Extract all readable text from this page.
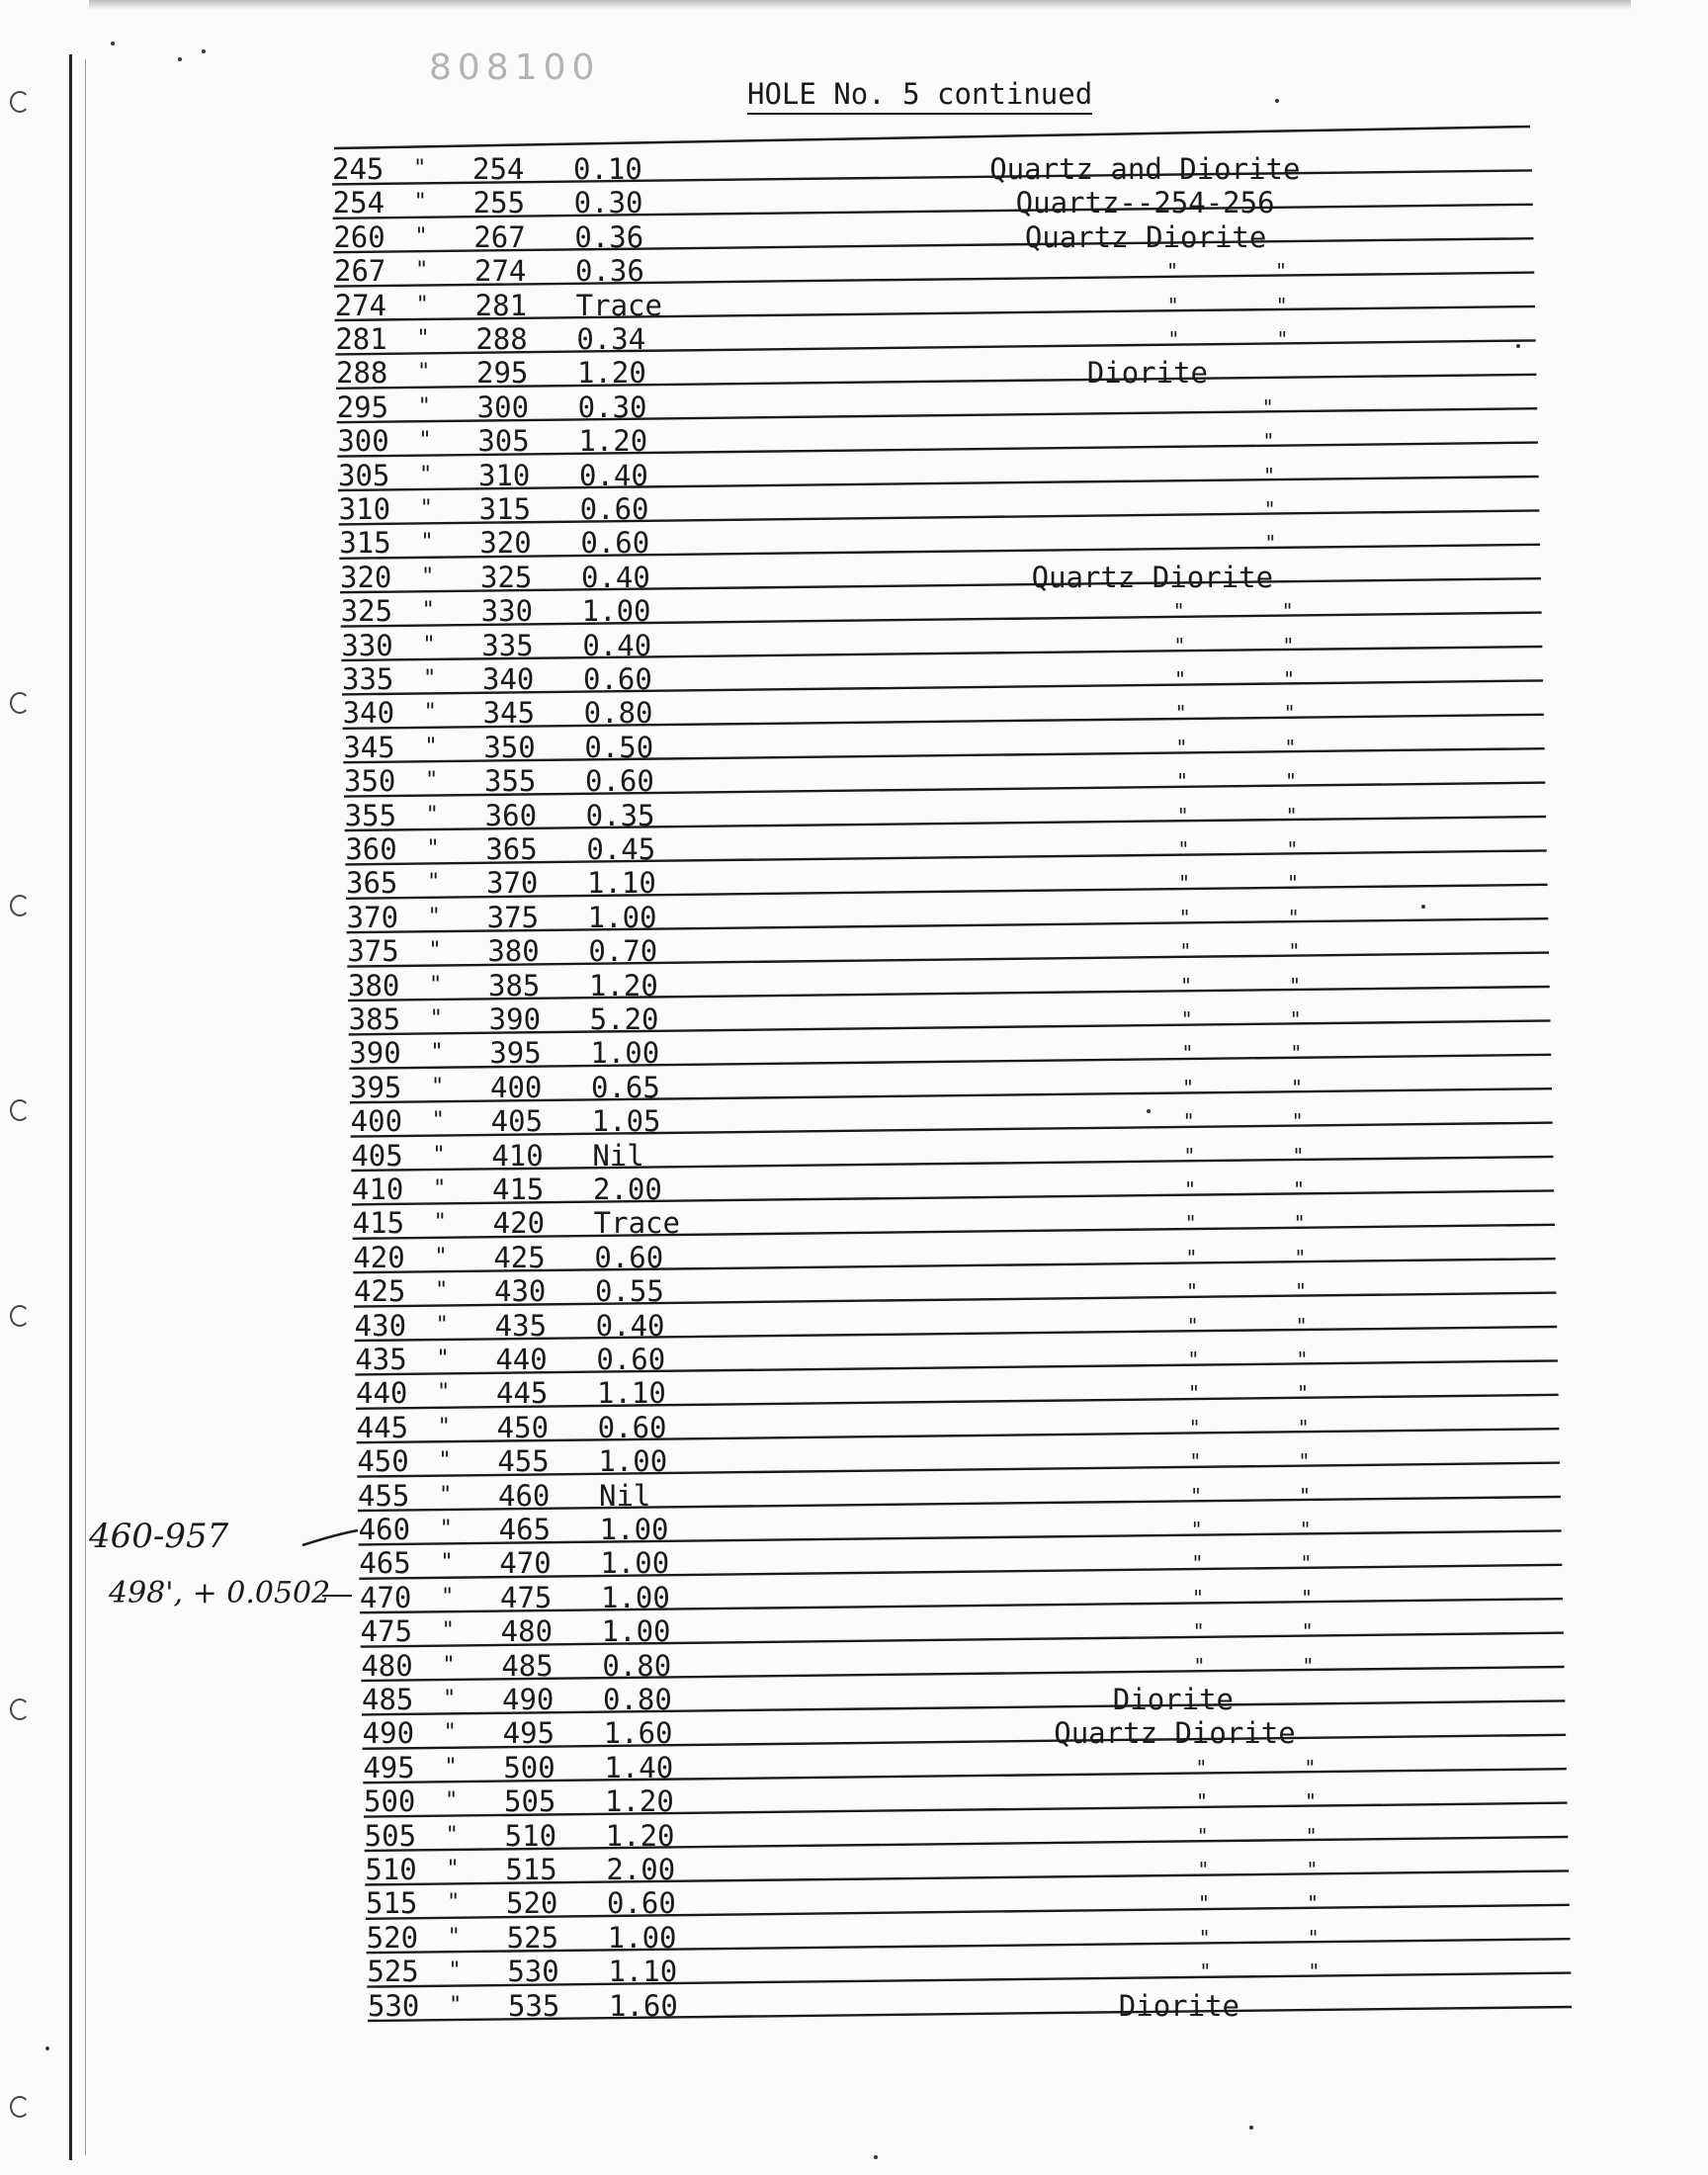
808100
HOLE No. 5 continued
245 " 254 0.10	Quartz and Diorite
254 " 255 0.30	Quartz--254-256
260 " 267 0.36	Quartz Diorite
267 " 274 0.36	"	"
274 " 281 Trace	"	"
281 " 288 0.34	"	"
288 " 295 1.20	Diorite
295 " 300 0.30	"
300 " 305 1.20	"
305 " 310 0.40	"
310 " 315 0.60	"
315 " 320 0.60	"
320 " 325 0.40	Quartz Diorite
325 " 330 1.00	"	"
330 " 335 0.40	"	"
335 " 340 0.60	"	"
340 " 345 0.80	"	"
345 " 350 0.50	"	"
350 " 355 0.60	"	"
355 " 360 0.35	"	"
360 " 365 0.45	"	"
365 " 370 1.10	"	"
370 " 375 1.00	"	"
375 " 380 0.70	"	"
380 " 385 1.20	"	"
385 " 390 5.20	"	"
390 " 395 1.00	"	"
395 " 400 0.65	"	"
400 " 405 1.05	"	"
405 " 410 Nil	"	"
410 " 415 2.00	"	"
415 " 420 Trace	"	"
420 " 425 0.60	"	"
425 " 430 0.55	"	"
430 " 435 0.40	"	"
435 " 440 0.60	"	"
440 " 445 1.10	"	"
445 " 450 0.60	"	"
450 " 455 1.00	"	"
455 " 460 Nil	"	"
460 " 465 1.00	"	"
465 " 470 1.00	"	"
470 " 475 1.00	"	"
475 " 480 1.00	"	"
480 " 485 0.80	"	"
485 " 490 0.80	Diorite
490 " 495 1.60	Quartz Diorite
495 " 500 1.40	"	"
500 " 505 1.20	"	"
505 " 510 1.20	"	"
510 " 515 2.00	"	"
515 " 520 0.60	"	"
520 " 525 1.00	"	"
525 " 530 1.10	"	"
530 " 535 1.60	Diorite
460-957
498', + 0.0502
